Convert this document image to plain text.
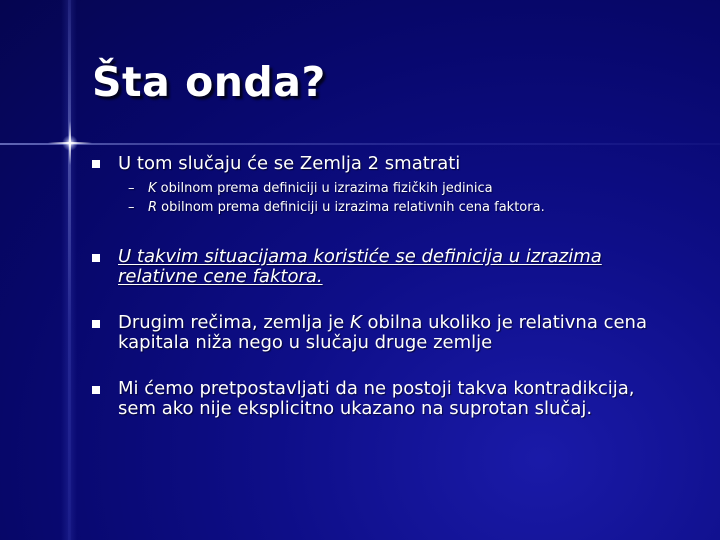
Šta onda?
U tom slučaju će se Zemlja 2 smatrati
– K obilnom prema definiciji u izrazima fizičkih jedinica
– R obilnom prema definiciji u izrazima relativnih cena faktora.
U takvim situacijama koristiće se definicija u izrazima relativne cene faktora.
Drugim rečima, zemlja je K obilna ukoliko je relativna cena kapitala niža nego u slučaju druge zemlje
Mi ćemo pretpostavljati da ne postoji takva kontradikcija, sem ako nije eksplicitno ukazano na suprotan slučaj.
